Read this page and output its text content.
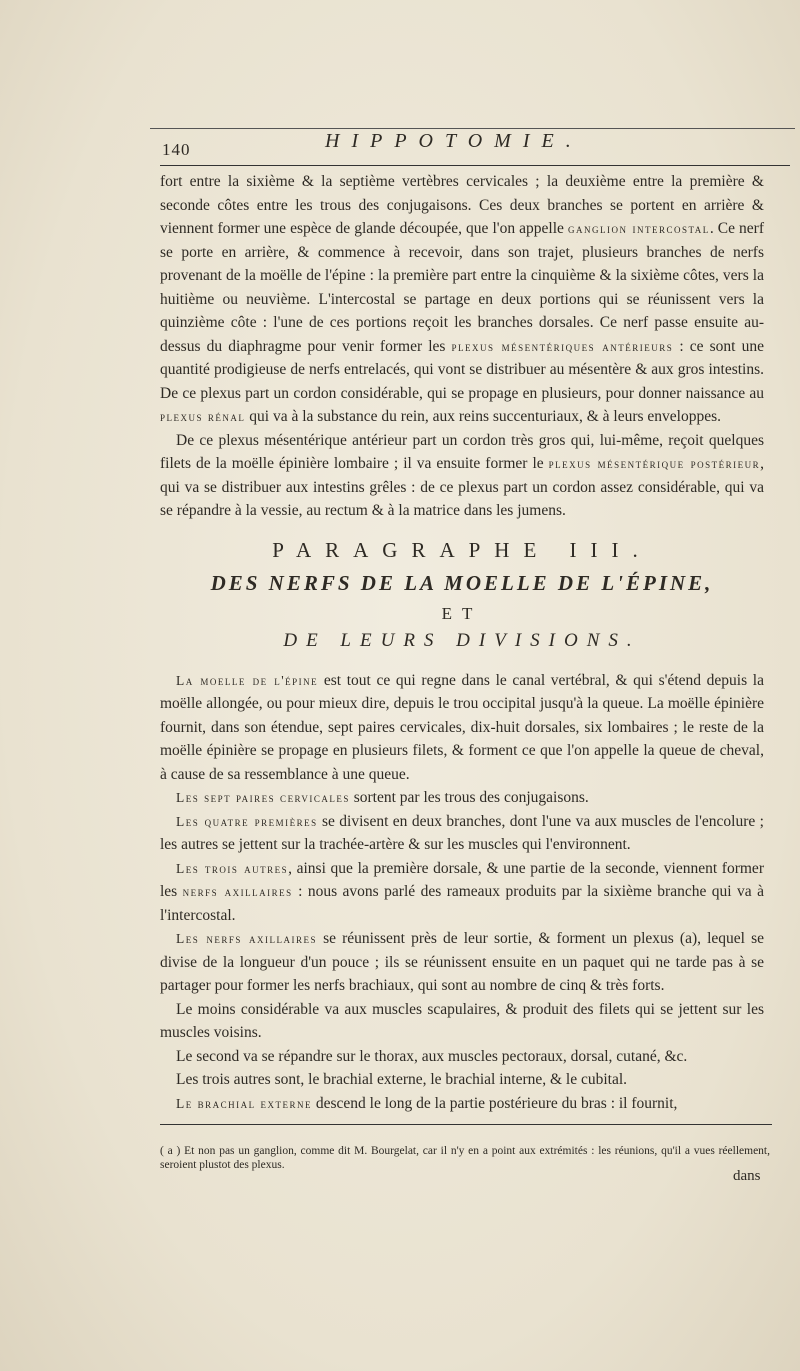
140	HIPPOTOMIE.

fort entre la sixième & la septième vertèbres cervicales ; la deuxième entre la première & seconde côtes entre les trous des conjugaisons. Ces deux branches se portent en arrière & viennent former une espèce de glande découpée, que l'on appelle ganglion intercostal. Ce nerf se porte en arrière, & commence à recevoir, dans son trajet, plusieurs branches de nerfs provenant de la moëlle de l'épine : la première part entre la cinquième & la sixième côtes, vers la huitième ou neuvième. L'intercostal se partage en deux portions qui se réunissent vers la quinzième côte : l'une de ces portions reçoit les branches dorsales. Ce nerf passe ensuite au-dessus du diaphragme pour venir former les plexus mésentériques antérieurs : ce sont une quantité prodigieuse de nerfs entrelacés, qui vont se distribuer au mésentère & aux gros intestins. De ce plexus part un cordon considérable, qui se propage en plusieurs, pour donner naissance au plexus rénal qui va à la substance du rein, aux reins succenturiaux, & à leurs enveloppes.

De ce plexus mésentérique antérieur part un cordon très gros qui, lui-même, reçoit quelques filets de la moëlle épinière lombaire ; il va ensuite former le plexus mésentérique postérieur, qui va se distribuer aux intestins grêles : de ce plexus part un cordon assez considérable, qui va se répandre à la vessie, au rectum & à la matrice dans les jumens.

PARAGRAPHE III.
DES NERFS DE LA MOELLE DE L'ÉPINE,
ET
DE LEURS DIVISIONS.

La moelle de l'épine est tout ce qui regne dans le canal vertébral, & qui s'étend depuis la moëlle allongée, ou pour mieux dire, depuis le trou occipital jusqu'à la queue. La moëlle épinière fournit, dans son étendue, sept paires cervicales, dix-huit dorsales, six lombaires ; le reste de la moëlle épinière se propage en plusieurs filets, & forment ce que l'on appelle la queue de cheval, à cause de sa ressemblance à une queue.

Les sept paires cervicales sortent par les trous des conjugaisons.

Les quatre premières se divisent en deux branches, dont l'une va aux muscles de l'encolure ; les autres se jettent sur la trachée-artère & sur les muscles qui l'environnent.

Les trois autres, ainsi que la première dorsale, & une partie de la seconde, viennent former les nerfs axillaires : nous avons parlé des rameaux produits par la sixième branche qui va à l'intercostal.

Les nerfs axillaires se réunissent près de leur sortie, & forment un plexus (a), lequel se divise de la longueur d'un pouce ; ils se réunissent ensuite en un paquet qui ne tarde pas à se partager pour former les nerfs brachiaux, qui sont au nombre de cinq & très forts.

Le moins considérable va aux muscles scapulaires, & produit des filets qui se jettent sur les muscles voisins.

Le second va se répandre sur le thorax, aux muscles pectoraux, dorsal, cutané, &c.

Les trois autres sont, le brachial externe, le brachial interne, & le cubital.

Le brachial externe descend le long de la partie postérieure du bras : il fournit,

( a ) Et non pas un ganglion, comme dit M. Bourgelat, car il n'y en a point aux extrémités : les réunions, qu'il a vues réellement, seroient plustot des plexus.
dans
